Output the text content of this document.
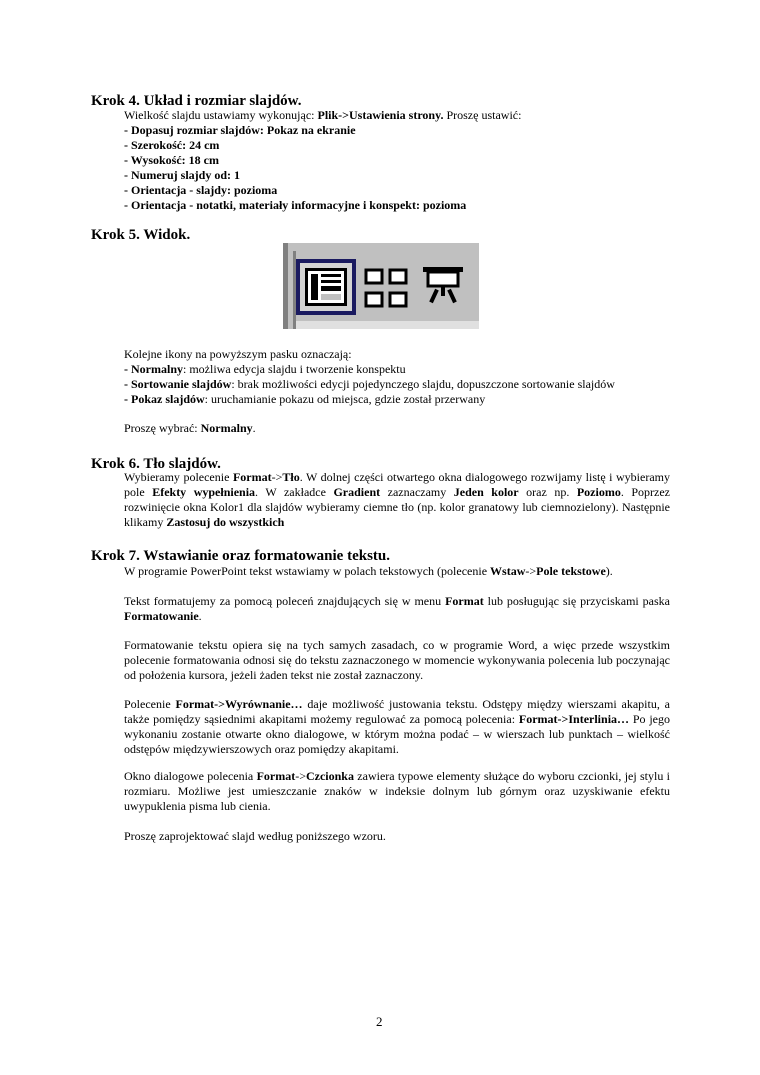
Krok 4. Układ i rozmiar slajdów.
Wielkość slajdu ustawiamy wykonując: Plik->Ustawienia strony. Proszę ustawić:
- Dopasuj rozmiar slajdów: Pokaz na ekranie
- Szerokość: 24 cm
- Wysokość: 18 cm
- Numeruj slajdy od: 1
- Orientacja - slajdy: pozioma
- Orientacja - notatki, materiały informacyjne i konspekt: pozioma
Krok 5. Widok.
Kolejne ikony na powyższym pasku oznaczają:
- Normalny: możliwa edycja slajdu i tworzenie konspektu
- Sortowanie slajdów: brak możliwości edycji pojedynczego slajdu, dopuszczone sortowanie slajdów
- Pokaz slajdów: uruchamianie pokazu od miejsca, gdzie został przerwany
Proszę wybrać: Normalny.
Krok 6. Tło slajdów.
Wybieramy polecenie Format->Tło. W dolnej części otwartego okna dialogowego rozwijamy listę i wybieramy pole Efekty wypełnienia. W zakładce Gradient zaznaczamy Jeden kolor oraz np. Poziomo. Poprzez rozwinięcie okna Kolor1 dla slajdów wybieramy ciemne tło (np. kolor granatowy lub ciemnozielony). Następnie klikamy Zastosuj do wszystkich
Krok 7. Wstawianie oraz formatowanie tekstu.
W programie PowerPoint tekst wstawiamy w polach tekstowych (polecenie Wstaw->Pole tekstowe).
Tekst formatujemy za pomocą poleceń znajdujących się w menu Format lub posługując się przyciskami paska Formatowanie.
Formatowanie tekstu opiera się na tych samych zasadach, co w programie Word, a więc przede wszystkim polecenie formatowania odnosi się do tekstu zaznaczonego w momencie wykonywania polecenia lub poczynając od położenia kursora, jeżeli żaden tekst nie został zaznaczony.
Polecenie Format->Wyrównanie… daje możliwość justowania tekstu. Odstępy między wierszami akapitu, a także pomiędzy sąsiednimi akapitami możemy regulować za pomocą polecenia: Format->Interlinia… Po jego wykonaniu zostanie otwarte okno dialogowe, w którym można podać – w wierszach lub punktach – wielkość odstępów międzywierszowych oraz pomiędzy akapitami.
Okno dialogowe polecenia Format->Czcionka zawiera typowe elementy służące do wyboru czcionki, jej stylu i rozmiaru. Możliwe jest umieszczanie znaków w indeksie dolnym lub górnym oraz uzyskiwanie efektu uwypuklenia pisma lub cienia.
Proszę zaprojektować slajd według poniższego wzoru.
2
